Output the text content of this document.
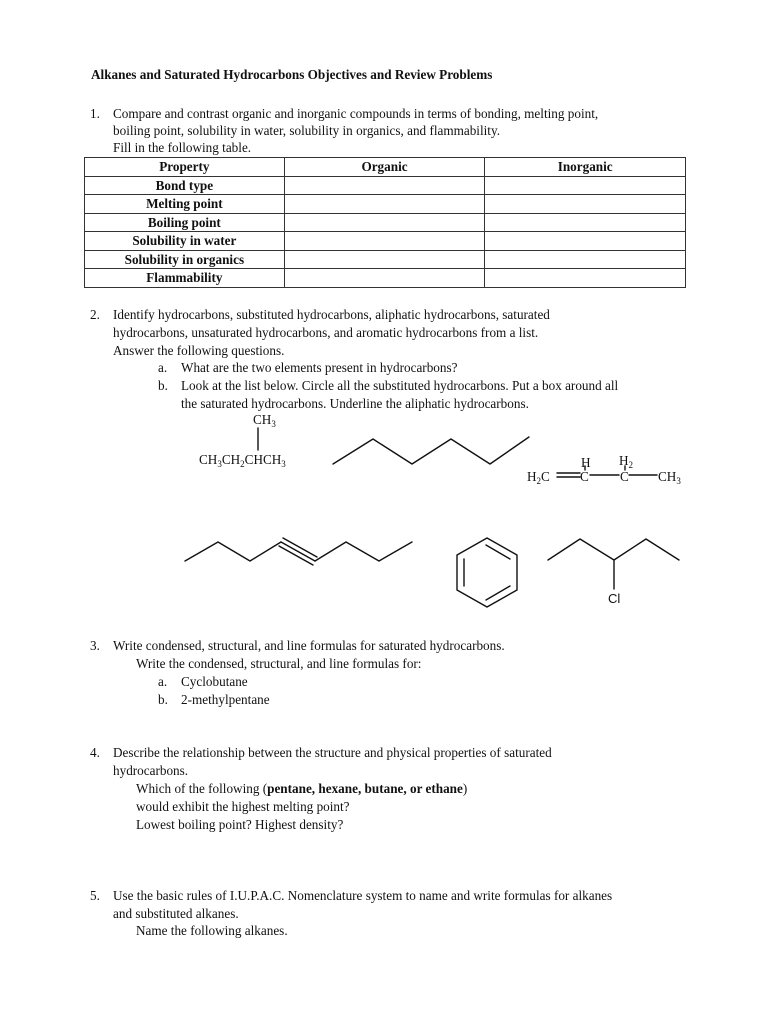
Alkanes and Saturated Hydrocarbons Objectives and Review Problems
1. Compare and contrast organic and inorganic compounds in terms of bonding, melting point,
boiling point, solubility in water, solubility in organics, and flammability.
Fill in the following table.
Property	Organic	Inorganic
Bond type		
Melting point		
Boiling point		
Solubility in water		
Solubility in organics		
Flammability		
2. Identify hydrocarbons, substituted hydrocarbons, aliphatic hydrocarbons, saturated
hydrocarbons, unsaturated hydrocarbons, and aromatic hydrocarbons from a list.
Answer the following questions.
a. What are the two elements present in hydrocarbons?
b. Look at the list below. Circle all the substituted hydrocarbons. Put a box around all
the saturated hydrocarbons. Underline the aliphatic hydrocarbons.
$CH_3$
$CH_3CH_2CHCH_3$	H $H_2$
$H_2C$ C C $CH_3$
Cl
3. Write condensed, structural, and line formulas for saturated hydrocarbons.
Write the condensed, structural, and line formulas for:
a. Cyclobutane
b. 2-methylpentane
4. Describe the relationship between the structure and physical properties of saturated
hydrocarbons.
Which of the following (pentane, hexane, butane, or ethane)
would exhibit the highest melting point?
Lowest boiling point? Highest density?
5. Use the basic rules of I.U.P.A.C. Nomenclature system to name and write formulas for alkanes
and substituted alkanes.
Name the following alkanes.
